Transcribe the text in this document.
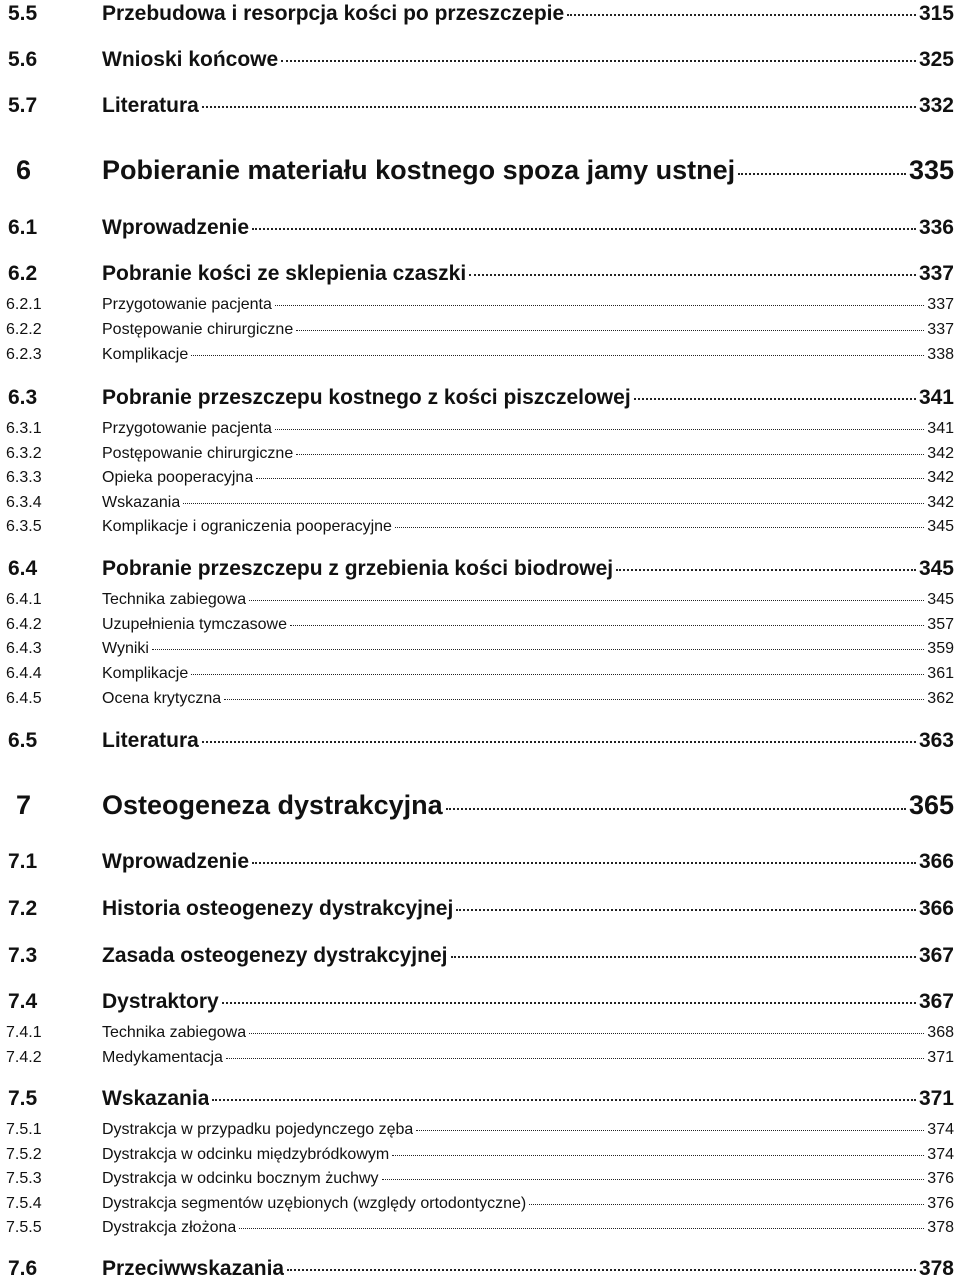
5.5	Przebudowa i resorpcja kości po przeszczepie	315
5.6	Wnioski końcowe	325
5.7	Literatura	332
6	Pobieranie materiału kostnego spoza jamy ustnej	335
6.1	Wprowadzenie	336
6.2	Pobranie kości ze sklepienia czaszki	337
6.2.1	Przygotowanie pacjenta	337
6.2.2	Postępowanie chirurgiczne	337
6.2.3	Komplikacje	338
6.3	Pobranie przeszczepu kostnego z kości piszczelowej	341
6.3.1	Przygotowanie pacjenta	341
6.3.2	Postępowanie chirurgiczne	342
6.3.3	Opieka pooperacyjna	342
6.3.4	Wskazania	342
6.3.5	Komplikacje i ograniczenia pooperacyjne	345
6.4	Pobranie przeszczepu z grzebienia kości biodrowej	345
6.4.1	Technika zabiegowa	345
6.4.2	Uzupełnienia tymczasowe	357
6.4.3	Wyniki	359
6.4.4	Komplikacje	361
6.4.5	Ocena krytyczna	362
6.5	Literatura	363
7	Osteogeneza dystrakcyjna	365
7.1	Wprowadzenie	366
7.2	Historia osteogenezy dystrakcyjnej	366
7.3	Zasada osteogenezy dystrakcyjnej	367
7.4	Dystraktory	367
7.4.1	Technika zabiegowa	368
7.4.2	Medykamentacja	371
7.5	Wskazania	371
7.5.1	Dystrakcja w przypadku pojedynczego zęba	374
7.5.2	Dystrakcja w odcinku międzybródkowym	374
7.5.3	Dystrakcja w odcinku bocznym żuchwy	376
7.5.4	Dystrakcja segmentów uzębionych (względy ortodontyczne)	376
7.5.5	Dystrakcja złożona	378
7.6	Przeciwwskazania	378
